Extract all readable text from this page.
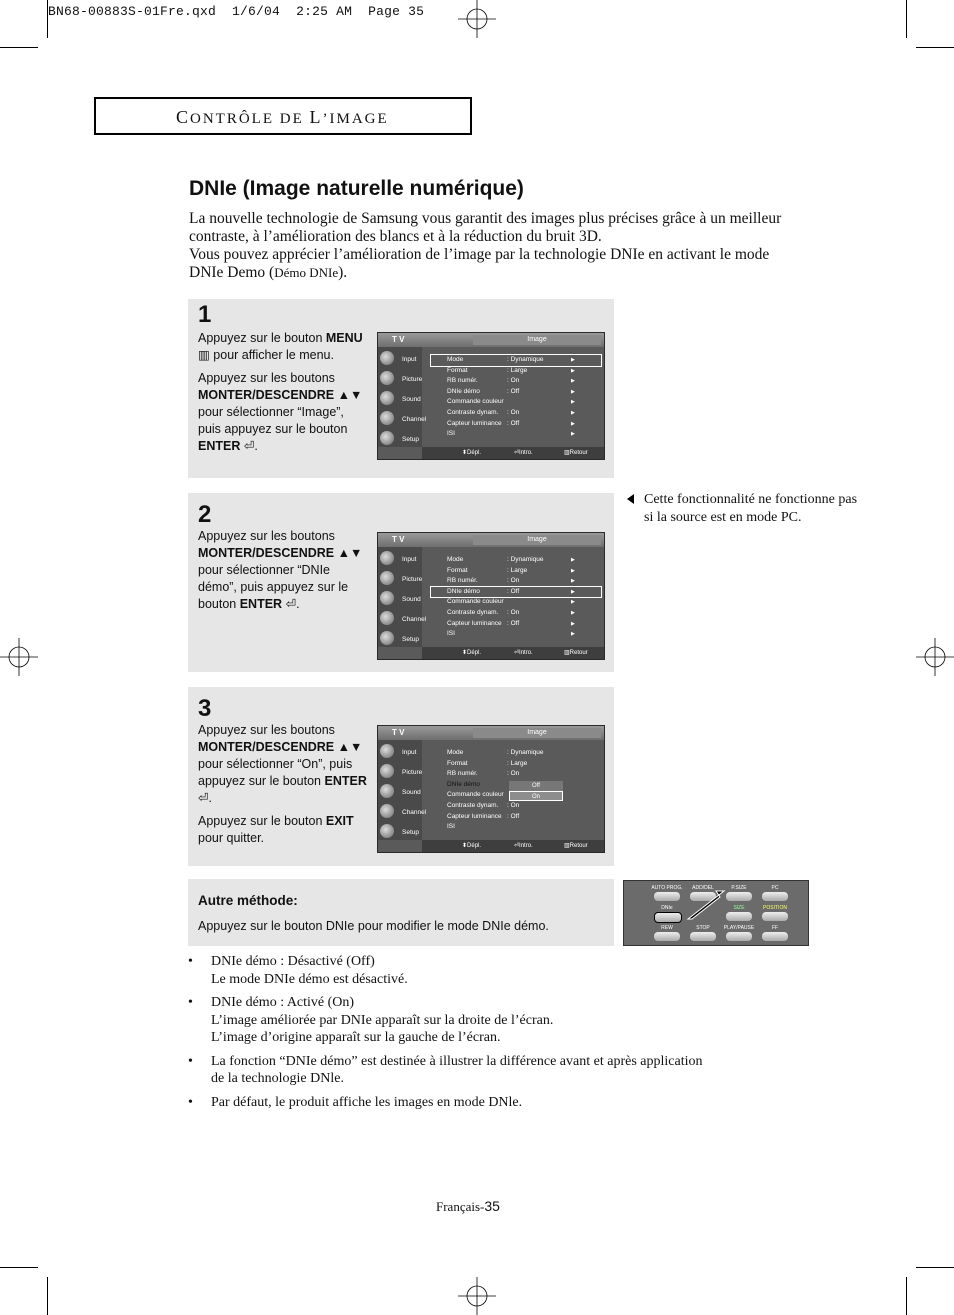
BN68-00883S-01Fre.qxd 1/6/04 2:25 AM Page 35
CONTRÔLE DE L’IMAGE
DNIe (Image naturelle numérique)
La nouvelle technologie de Samsung vous garantit des images plus précises grâce à un meilleur contraste, à l’amélioration des blancs et à la réduction du bruit 3D.
Vous pouvez apprécier l’amélioration de l’image par la technologie DNIe en activant le mode DNIe Demo (Démo DNIe).
1
Appuyez sur le bouton MENU ▥ pour afficher le menu.
Appuyez sur les boutons MONTER/DESCENDRE ▲▼ pour sélectionner “Image”, puis appuyez sur le bouton ENTER ⏎.
T V	Image
Input
Picture
Sound
Channel
Setup
Mode	: Dynamique	▶
Format	: Large	▶
RB numér.	: On	▶
DNIe démo	: Off	▶
Commande couleur	▶
Contraste dynam. : On	▶
Capteur luminance : Off	▶
ISI	▶
⬍ Dépl.	⏎ Intro.	▥ Retour
2
Appuyez sur les boutons MONTER/DESCENDRE ▲▼ pour sélectionner “DNIe démo”, puis appuyez sur le bouton ENTER ⏎.
T V	Image
Input
Picture
Sound
Channel
Setup
Mode	: Dynamique	▶
Format	: Large	▶
RB numér.	: On	▶
DNIe démo	: Off	▶
Commande couleur	▶
Contraste dynam. : On	▶
Capteur luminance : Off	▶
ISI	▶
⬍ Dépl.	⏎ Intro.	▥ Retour
3
Appuyez sur les boutons MONTER/DESCENDRE ▲▼ pour sélectionner “On”, puis appuyez sur le bouton ENTER ⏎.
Appuyez sur le bouton EXIT pour quitter.
T V	Image
Input
Picture
Sound
Channel
Setup
Mode	: Dynamique
Format	: Large
RB numér.	: On
DNIe démo
Commande couleur
Contraste dynam. : On
Capteur luminance : Off
ISI
Off
On
⬍ Dépl.	⏎ Intro.	▥ Retour
Cette fonctionnalité ne fonctionne pas si la source est en mode PC.
Autre méthode:
Appuyez sur le bouton DNIe pour modifier le mode DNIe démo.
AUTO PROG.	ADD/DEL	P.SIZE	PC
DNIe	SIZE	POSITION
REW	STOP	PLAY/PAUSE	FF
• DNIe démo : Désactivé (Off)
Le mode DNIe démo est désactivé.
• DNIe démo : Activé (On)
L’image améliorée par DNIe apparaît sur la droite de l’écran.
L’image d’origine apparaît sur la gauche de l’écran.
• La fonction “DNIe démo” est destinée à illustrer la différence avant et après application de la technologie DNle.
• Par défaut, le produit affiche les images en mode DNle.
Français-35
